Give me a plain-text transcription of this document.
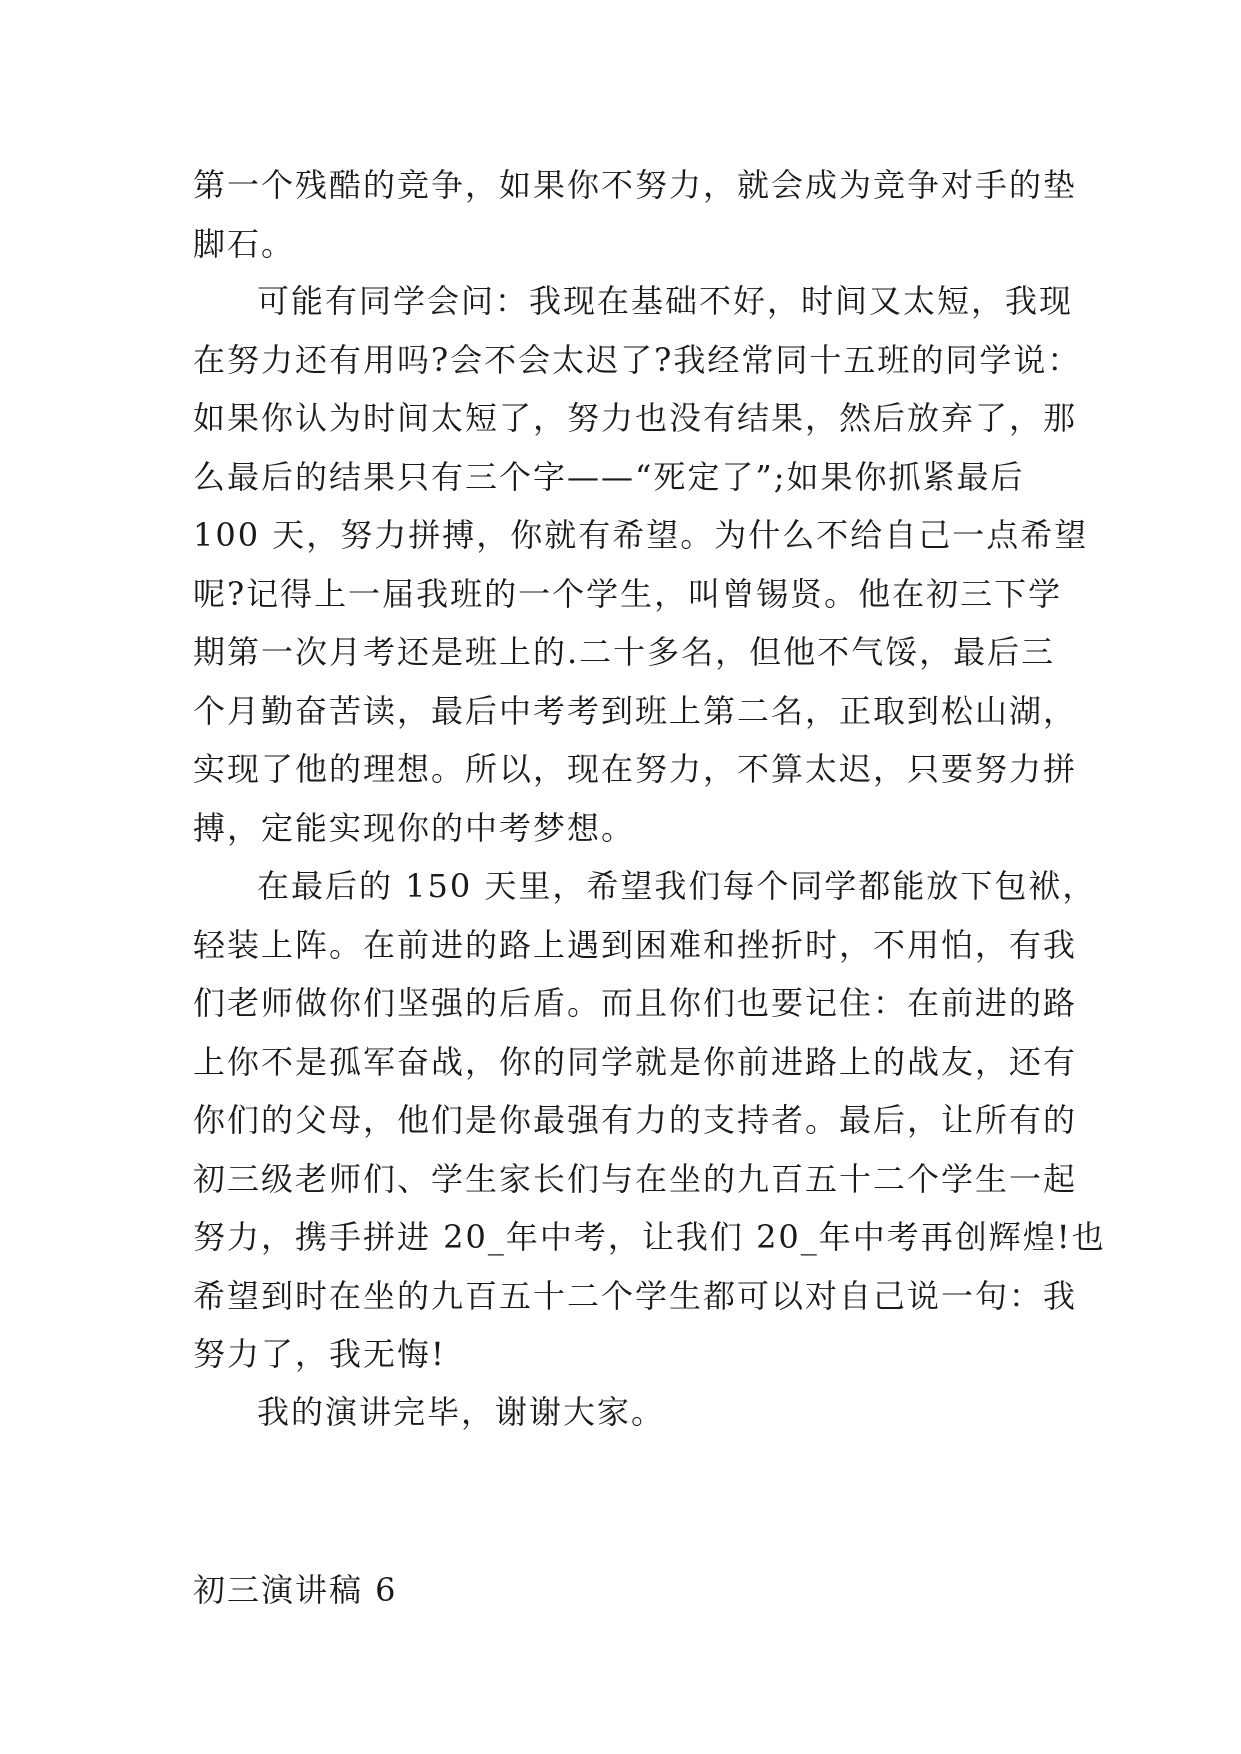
第一个残酷的竞争，如果你不努力，就会成为竞争对手的垫
脚石。
可能有同学会问：我现在基础不好，时间又太短，我现
在努力还有用吗?会不会太迟了?我经常同十五班的同学说：
如果你认为时间太短了，努力也没有结果，然后放弃了，那
么最后的结果只有三个字——“死定了”;如果你抓紧最后
100 天，努力拼搏，你就有希望。为什么不给自己一点希望
呢?记得上一届我班的一个学生，叫曾锡贤。他在初三下学
期第一次月考还是班上的.二十多名，但他不气馁，最后三
个月勤奋苦读，最后中考考到班上第二名，正取到松山湖，
实现了他的理想。所以，现在努力，不算太迟，只要努力拼
搏，定能实现你的中考梦想。
在最后的 150 天里，希望我们每个同学都能放下包袱，
轻装上阵。在前进的路上遇到困难和挫折时，不用怕，有我
们老师做你们坚强的后盾。而且你们也要记住：在前进的路
上你不是孤军奋战，你的同学就是你前进路上的战友，还有
你们的父母，他们是你最强有力的支持者。最后，让所有的
初三级老师们、学生家长们与在坐的九百五十二个学生一起
努力，携手拼进 20_年中考，让我们 20_年中考再创辉煌!也
希望到时在坐的九百五十二个学生都可以对自己说一句：我
努力了，我无悔!
我的演讲完毕，谢谢大家。
初三演讲稿 6
